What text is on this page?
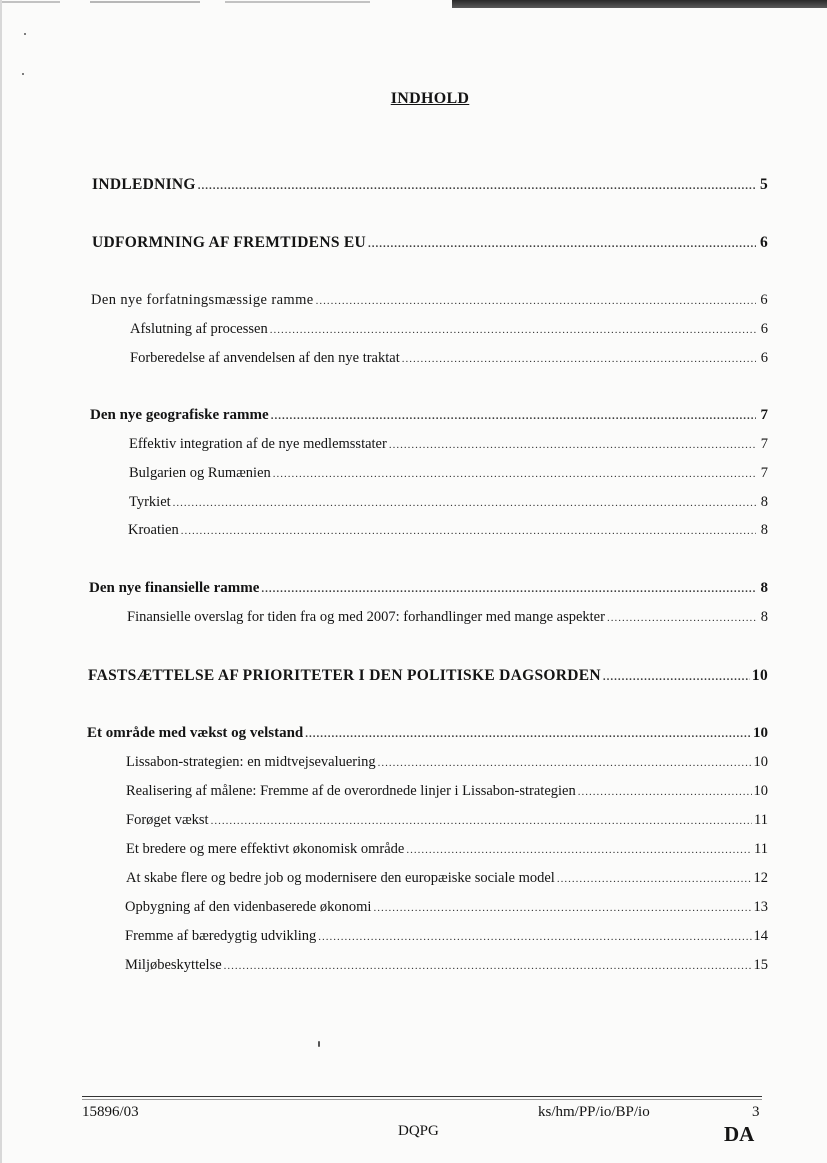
INDHOLD
INDLEDNING .....	5
UDFORMNING AF FREMTIDENS EU .....	6
Den nye forfatningsmæssige ramme .....	6
Afslutning af processen .....	6
Forberedelse af anvendelsen af den nye traktat .....	6
Den nye geografiske ramme .....	7
Effektiv integration af de nye medlemsstater .....	7
Bulgarien og Rumænien .....	7
Tyrkiet .....	8
Kroatien .....	8
Den nye finansielle ramme .....	8
Finansielle overslag for tiden fra og med 2007: forhandlinger med mange aspekter .....	8
FASTSÆTTELSE AF PRIORITETER I DEN POLITISKE DAGSORDEN .....	10
Et område med vækst og velstand .....	10
Lissabon-strategien: en midtvejsevaluering .....	10
Realisering af målene: Fremme af de overordnede linjer i Lissabon-strategien .....	10
Forøget vækst .....	11
Et bredere og mere effektivt økonomisk område .....	11
At skabe flere og bedre job og modernisere den europæiske sociale model .....	12
Opbygning af den videnbaserede økonomi .....	13
Fremme af bæredygtig udvikling .....	14
Miljøbeskyttelse .....	15
15896/03	ks/hm/PP/io/BP/io	3
DQPG	DA
